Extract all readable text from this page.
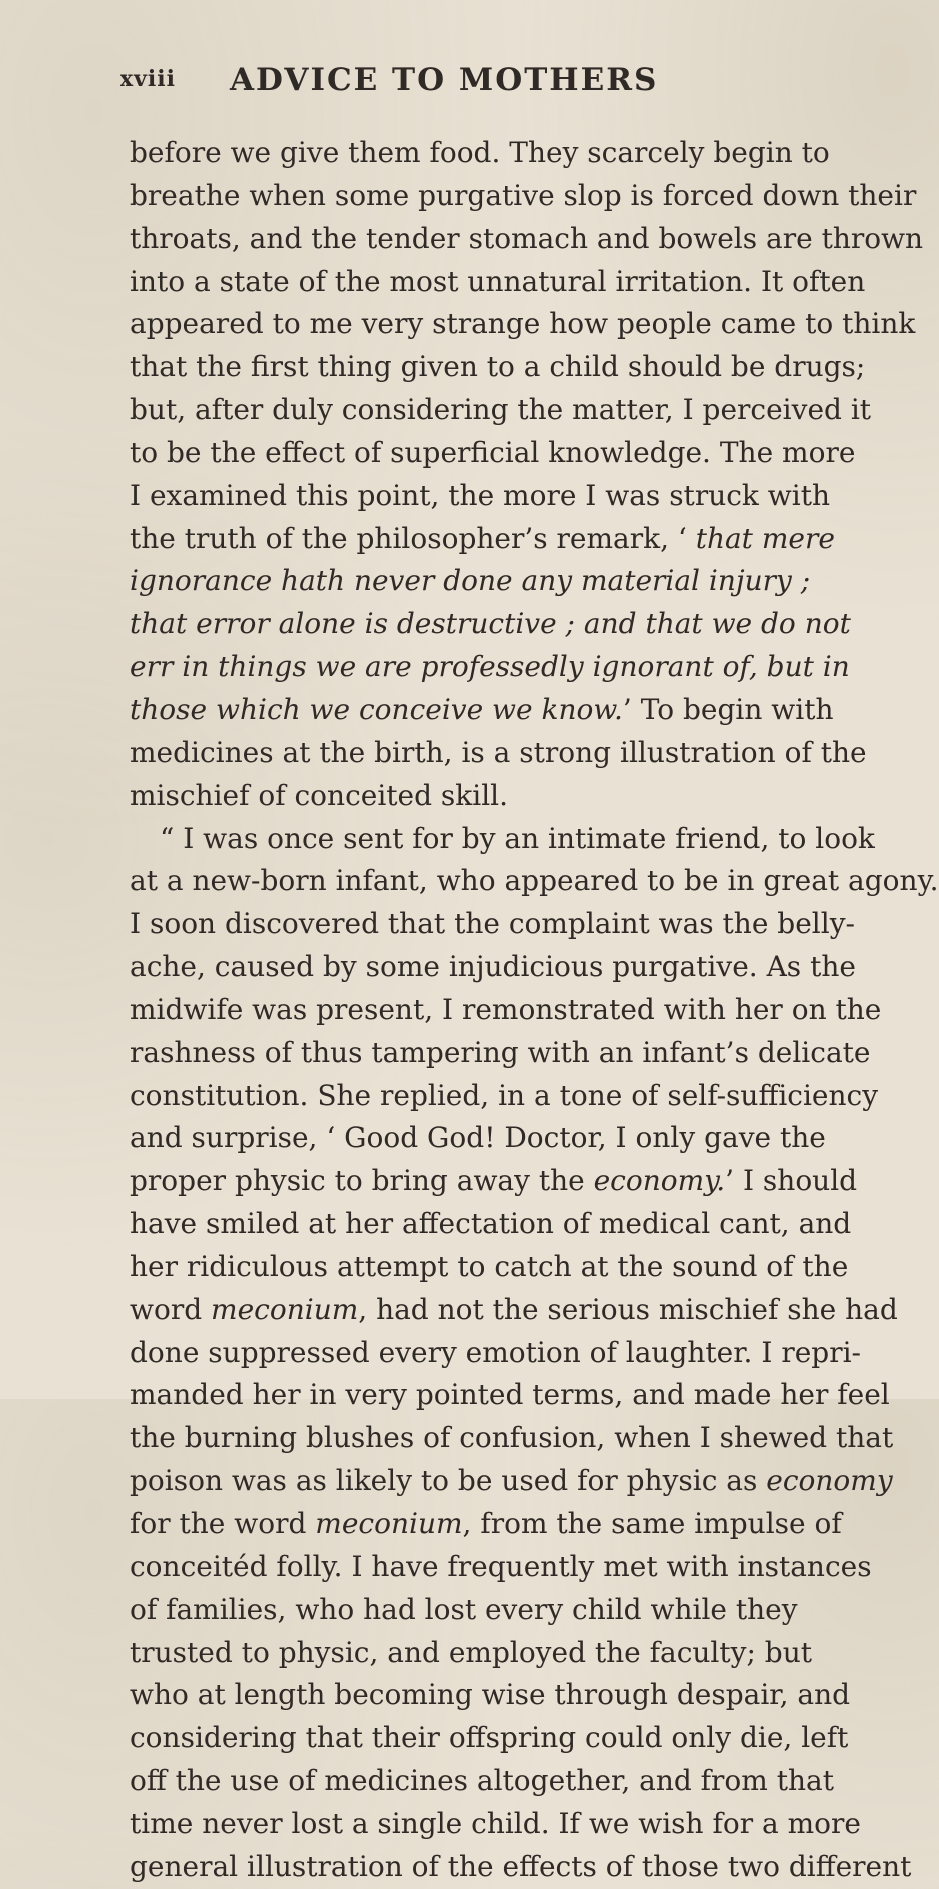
xviii ADVICE TO MOTHERS
before we give them food. They scarcely begin to
breathe when some purgative slop is forced down their
throats, and the tender stomach and bowels are thrown
into a state of the most unnatural irritation. It often
appeared to me very strange how people came to think
that the first thing given to a child should be drugs;
but, after duly considering the matter, I perceived it
to be the effect of superficial knowledge. The more
I examined this point, the more I was struck with
the truth of the philosopher’s remark, ‘ that mere
ignorance hath never done any material injury ;
that error alone is destructive ; and that we do not
err in things we are professedly ignorant of, but in
those which we conceive we know.’ To begin with
medicines at the birth, is a strong illustration of the
mischief of conceited skill.
“ I was once sent for by an intimate friend, to look
at a new-born infant, who appeared to be in great agony.
I soon discovered that the complaint was the belly-
ache, caused by some injudicious purgative. As the
midwife was present, I remonstrated with her on the
rashness of thus tampering with an infant’s delicate
constitution. She replied, in a tone of self-sufficiency
and surprise, ‘ Good God! Doctor, I only gave the
proper physic to bring away the economy.’ I should
have smiled at her affectation of medical cant, and
her ridiculous attempt to catch at the sound of the
word meconium, had not the serious mischief she had
done suppressed every emotion of laughter. I repri-
manded her in very pointed terms, and made her feel
the burning blushes of confusion, when I shewed that
poison was as likely to be used for physic as economy
for the word meconium, from the same impulse of
conceitéd folly. I have frequently met with instances
of families, who had lost every child while they
trusted to physic, and employed the faculty; but
who at length becoming wise through despair, and
considering that their offspring could only die, left
off the use of medicines altogether, and from that
time never lost a single child. If we wish for a more
general illustration of the effects of those two different
